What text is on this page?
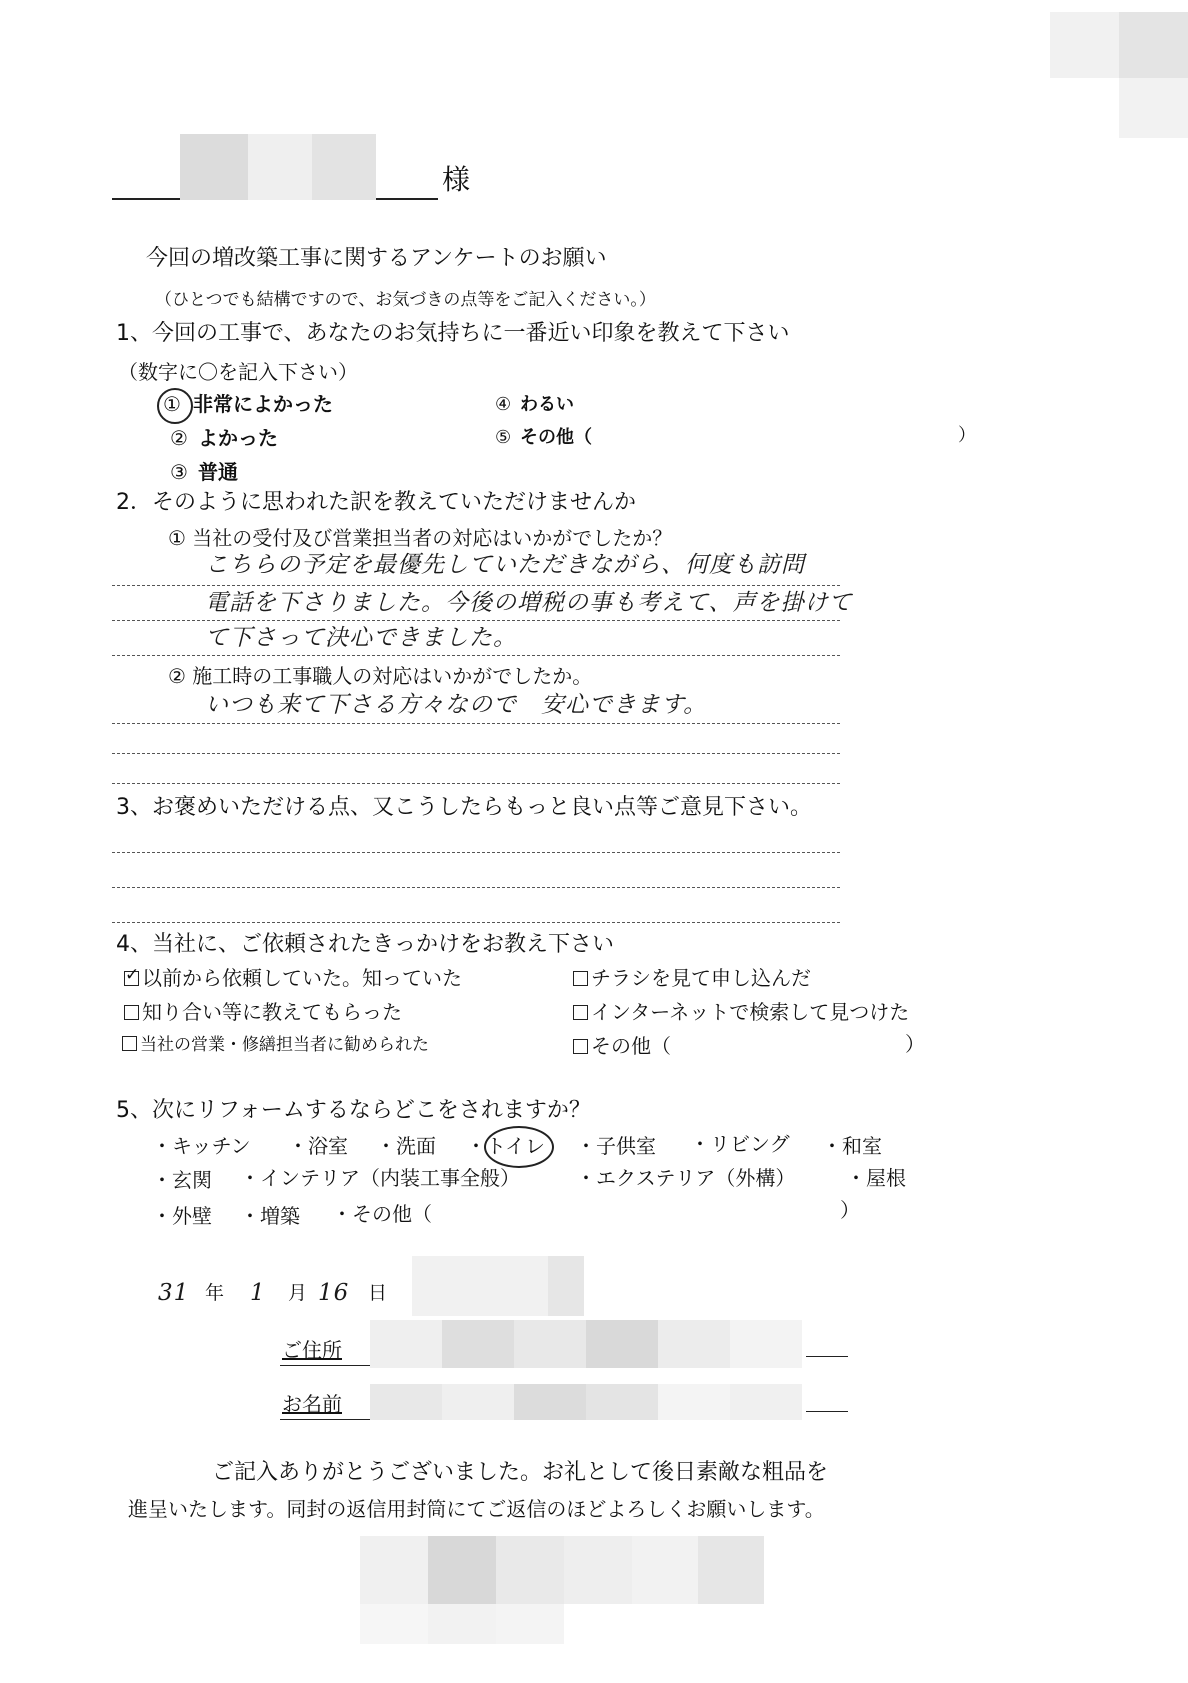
様
今回の増改築工事に関するアンケートのお願い
（ひとつでも結構ですので、お気づきの点等をご記入ください。）
1、今回の工事で、あなたのお気持ちに一番近い印象を教えて下さい
（数字に〇を記入下さい）
① 非常によかった
② よかった
③ 普通
④ わるい
⑤ その他（	）
2．そのように思われた訳を教えていただけませんか
① 当社の受付及び営業担当者の対応はいかがでしたか？
こちらの予定を最優先していただきながら、何度も訪問
電話を下さりました。今後の増税の事も考えて、声を掛けて
て下さって決心できました。
② 施工時の工事職人の対応はいかがでしたか。
いつも来て下さる方々なので　安心できます。
3、お褒めいただける点、又こうしたらもっと良い点等ご意見下さい。
4、当社に、ご依頼されたきっかけをお教え下さい
✓以前から依頼していた。知っていた
知り合い等に教えてもらった
当社の営業・修繕担当者に勧められた
チラシを見て申し込んだ
インターネットで検索して見つけた
その他（	）
5、次にリフォームするならどこをされますか？
・キッチン ・浴室 ・洗面 ・トイレ ・子供室 ・リビング ・和室
・玄関 ・インテリア（内装工事全般）	・エクステリア（外構）	・屋根
・外壁 ・増築 ・その他（	）
31 年 1 月 16 日
ご住所
お名前
ご記入ありがとうございました。お礼として後日素敵な粗品を
進呈いたします。同封の返信用封筒にてご返信のほどよろしくお願いします。
